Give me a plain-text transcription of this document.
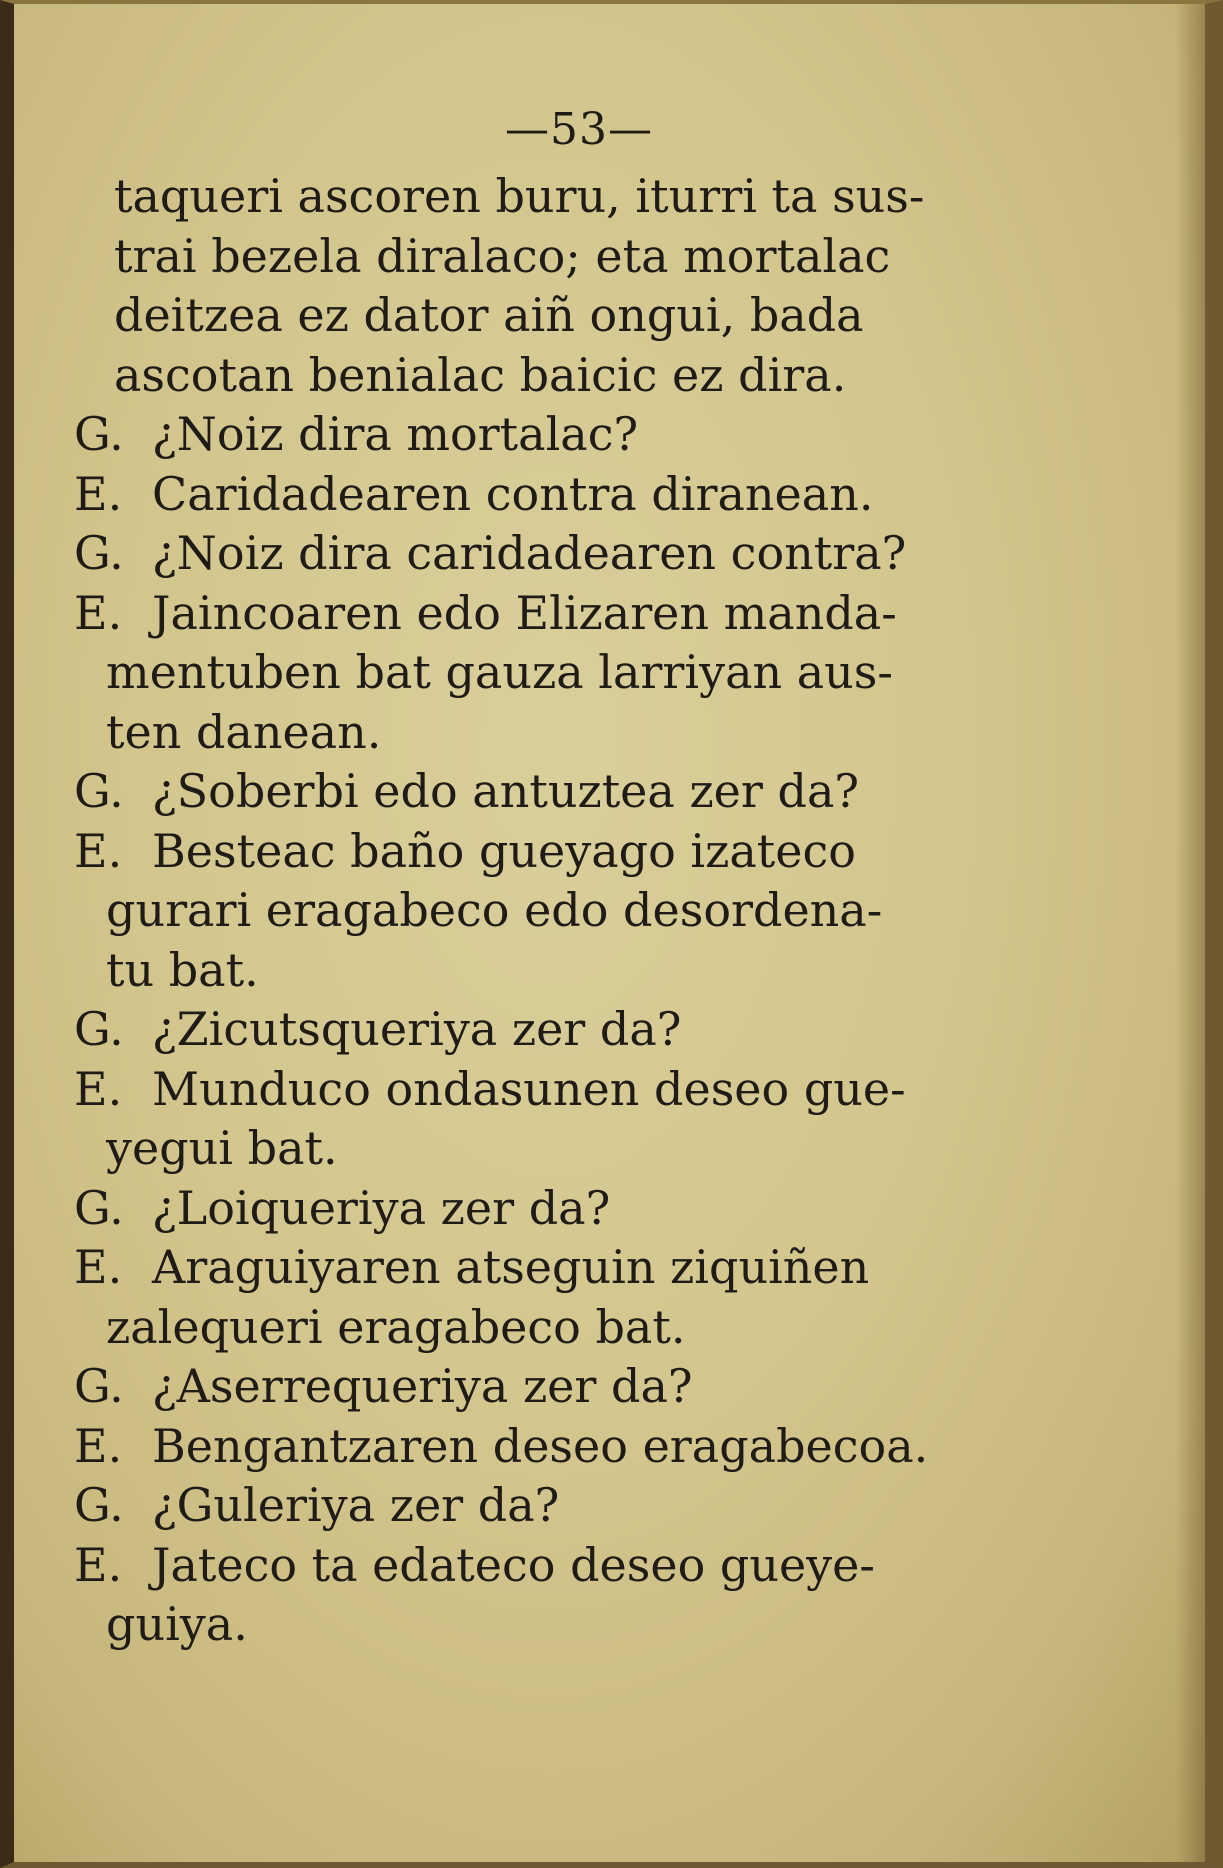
—53—
taqueri ascoren buru, iturri ta sus-
trai bezela diralaco; eta mortalac
deitzea ez dator aiñ ongui, bada
ascotan benialac baicic ez dira.
G. ¿Noiz dira mortalac?
E. Caridadearen contra diranean.
G. ¿Noiz dira caridadearen contra?
E. Jaincoaren edo Elizaren manda-
mentuben bat gauza larriyan aus-
ten danean.
G. ¿Soberbi edo antuztea zer da?
E. Besteac baño gueyago izateco
gurari eragabeco edo desordena-
tu bat.
G. ¿Zicutsqueriya zer da?
E. Munduco ondasunen deseo gue-
yegui bat.
G. ¿Loiqueriya zer da?
E. Araguiyaren atseguin ziquiñen
zalequeri eragabeco bat.
G. ¿Aserrequeriya zer da?
E. Bengantzaren deseo eragabecoa.
G. ¿Guleriya zer da?
E. Jateco ta edateco deseo gueye-
guiya.
